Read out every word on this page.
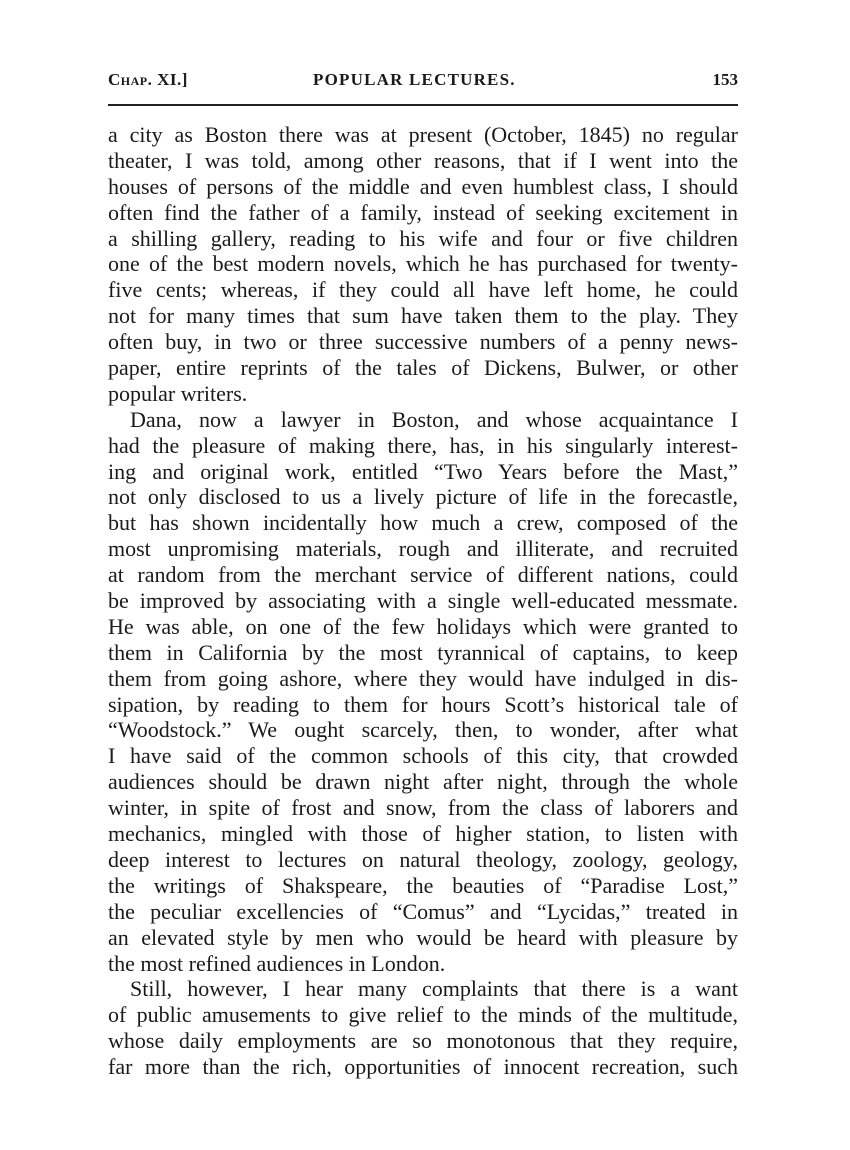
Chap. XI.]	POPULAR LECTURES.	153
a city as Boston there was at present (October, 1845) no regular
theater, I was told, among other reasons, that if I went into the
houses of persons of the middle and even humblest class, I should
often find the father of a family, instead of seeking excitement in
a shilling gallery, reading to his wife and four or five children
one of the best modern novels, which he has purchased for twenty-
five cents; whereas, if they could all have left home, he could
not for many times that sum have taken them to the play. They
often buy, in two or three successive numbers of a penny news-
paper, entire reprints of the tales of Dickens, Bulwer, or other
popular writers.
Dana, now a lawyer in Boston, and whose acquaintance I
had the pleasure of making there, has, in his singularly interest-
ing and original work, entitled “Two Years before the Mast,”
not only disclosed to us a lively picture of life in the forecastle,
but has shown incidentally how much a crew, composed of the
most unpromising materials, rough and illiterate, and recruited
at random from the merchant service of different nations, could
be improved by associating with a single well-educated messmate.
He was able, on one of the few holidays which were granted to
them in California by the most tyrannical of captains, to keep
them from going ashore, where they would have indulged in dis-
sipation, by reading to them for hours Scott’s historical tale of
“Woodstock.” We ought scarcely, then, to wonder, after what
I have said of the common schools of this city, that crowded
audiences should be drawn night after night, through the whole
winter, in spite of frost and snow, from the class of laborers and
mechanics, mingled with those of higher station, to listen with
deep interest to lectures on natural theology, zoology, geology,
the writings of Shakspeare, the beauties of “Paradise Lost,”
the peculiar excellencies of “Comus” and “Lycidas,” treated in
an elevated style by men who would be heard with pleasure by
the most refined audiences in London.
Still, however, I hear many complaints that there is a want
of public amusements to give relief to the minds of the multitude,
whose daily employments are so monotonous that they require,
far more than the rich, opportunities of innocent recreation, such
